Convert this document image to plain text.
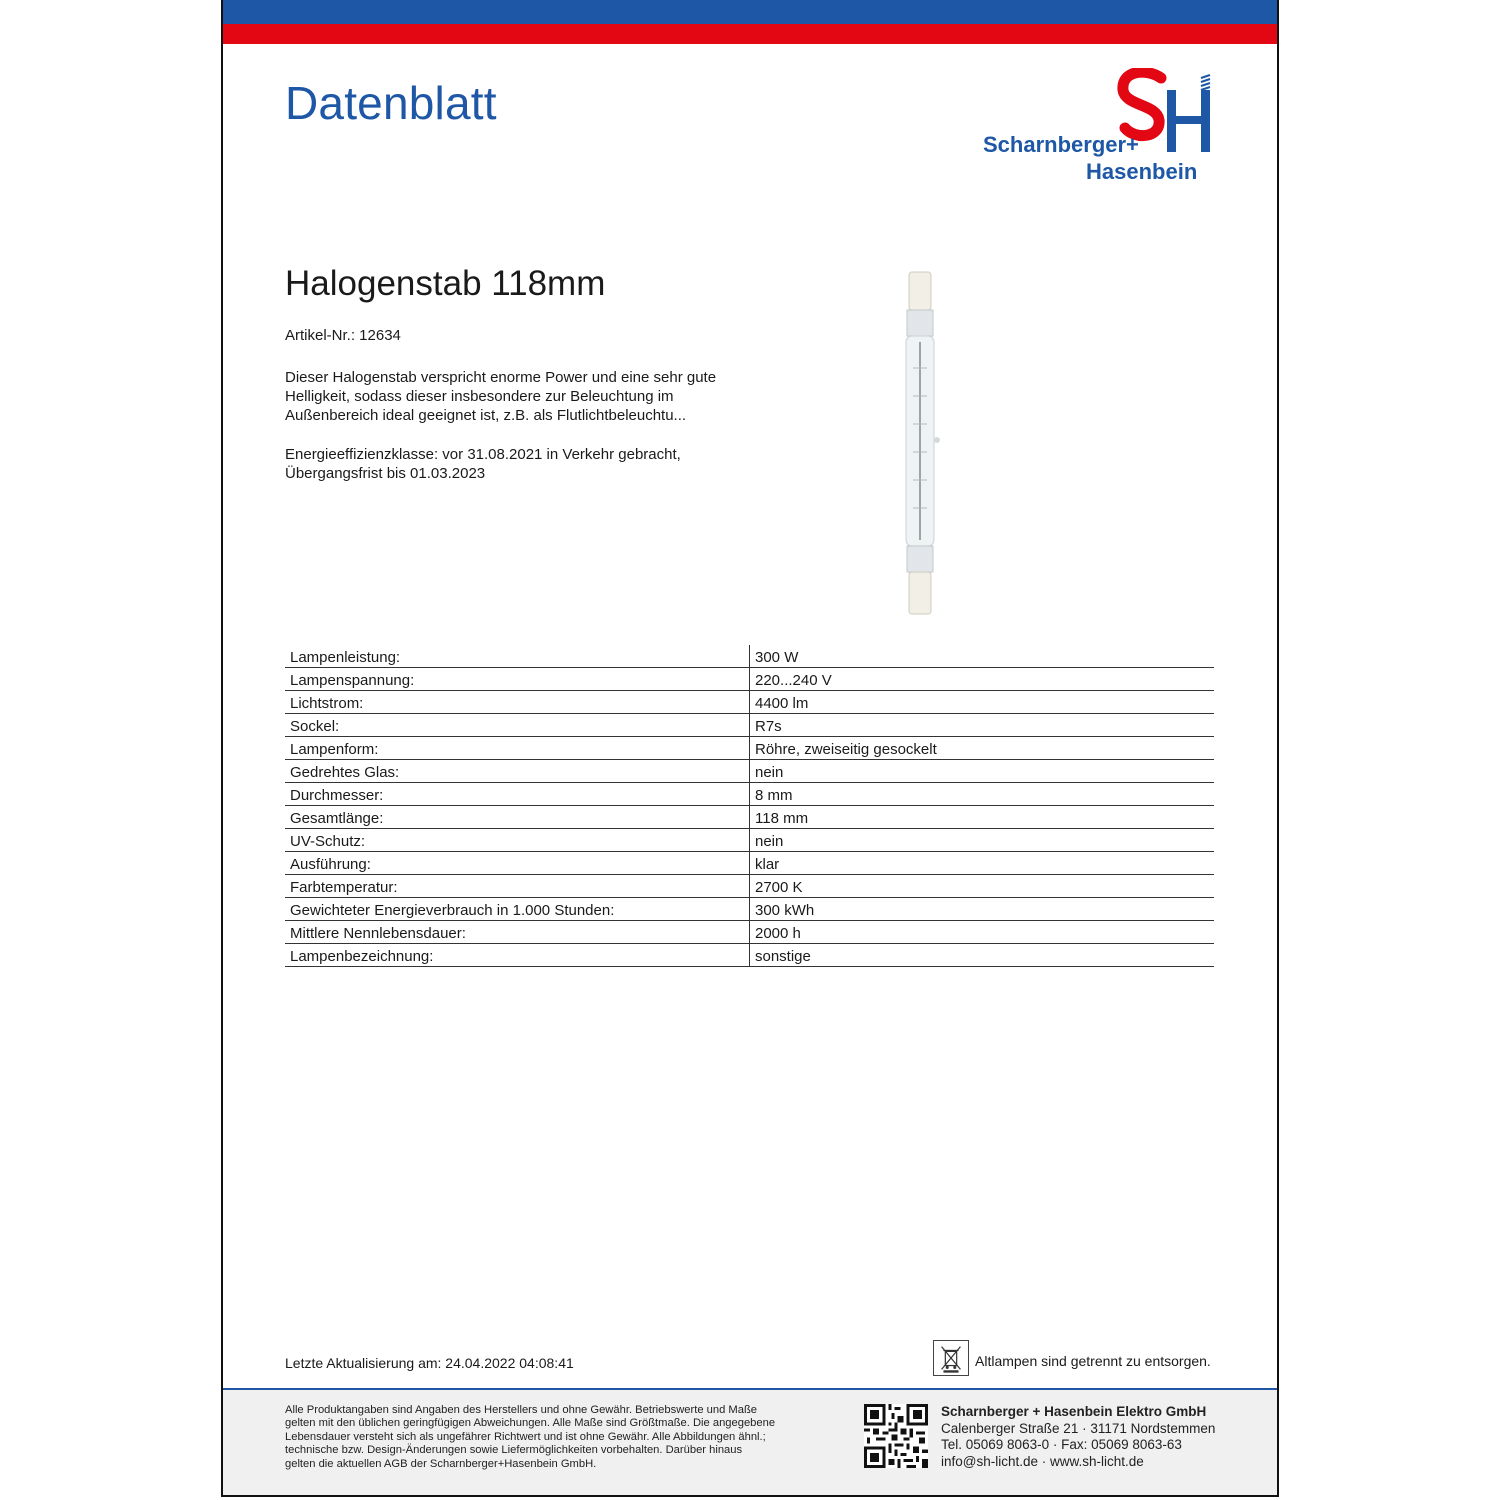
Datenblatt
Scharnberger+
Hasenbein
Halogenstab 118mm
Artikel-Nr.: 12634
Dieser Halogenstab verspricht enorme Power und eine sehr gute Helligkeit, sodass dieser insbesondere zur Beleuchtung im Außenbereich ideal geeignet ist, z.B. als Flutlichtbeleuchtu...
Energieeffizienzklasse: vor 31.08.2021 in Verkehr gebracht,
Übergangsfrist bis 01.03.2023
Lampenleistung:	300 W
Lampenspannung:	220...240 V
Lichtstrom:	4400 lm
Sockel:	R7s
Lampenform:	Röhre, zweiseitig gesockelt
Gedrehtes Glas:	nein
Durchmesser:	8 mm
Gesamtlänge:	118 mm
UV-Schutz:	nein
Ausführung:	klar
Farbtemperatur:	2700 K
Gewichteter Energieverbrauch in 1.000 Stunden:	300 kWh
Mittlere Nennlebensdauer:	2000 h
Lampenbezeichnung:	sonstige
Letzte Aktualisierung am: 24.04.2022 04:08:41	Altlampen sind getrennt zu entsorgen.
Alle Produktangaben sind Angaben des Herstellers und ohne Gewähr. Betriebswerte und Maße
gelten mit den üblichen geringfügigen Abweichungen. Alle Maße sind Größtmaße. Die angegebene
Lebensdauer versteht sich als ungefährer Richtwert und ist ohne Gewähr. Alle Abbildungen ähnl.;
technische bzw. Design-Änderungen sowie Liefermöglichkeiten vorbehalten. Darüber hinaus
gelten die aktuellen AGB der Scharnberger+Hasenbein GmbH.
Scharnberger + Hasenbein Elektro GmbH
Calenberger Straße 21 · 31171 Nordstemmen
Tel. 05069 8063-0 · Fax: 05069 8063-63
info@sh-licht.de · www.sh-licht.de
